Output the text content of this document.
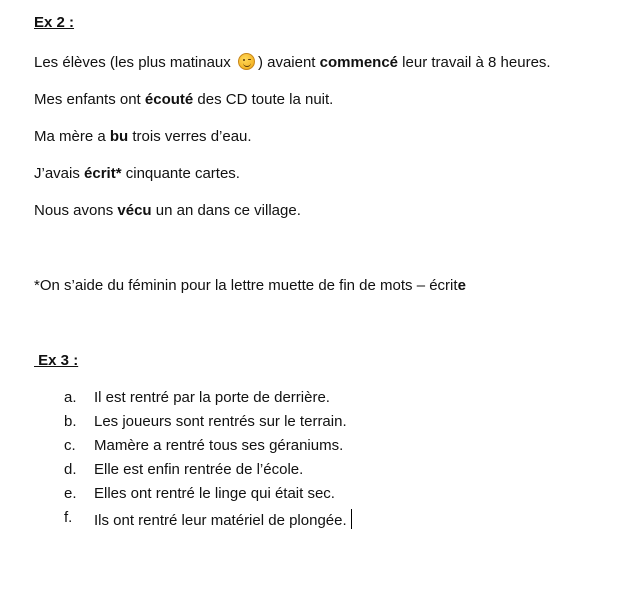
Ex 2 :
Les élèves (les plus matinaux
) avaient commencé leur travail à 8 heures.
Mes enfants ont écouté des CD toute la nuit.
Ma mère a bu trois verres d’eau.
J’avais écrit* cinquante cartes.
Nous avons vécu un an dans ce village.
*On s’aide du féminin pour la lettre muette de fin de mots – écrite
Ex 3 :
a. Il est rentré par la porte de derrière.
b. Les joueurs sont rentrés sur le terrain.
c. Mamère a rentré tous ses géraniums.
d. Elle est enfin rentrée de l’école.
e. Elles ont rentré le linge qui était sec.
f. Ils ont rentré leur matériel de plongée.
